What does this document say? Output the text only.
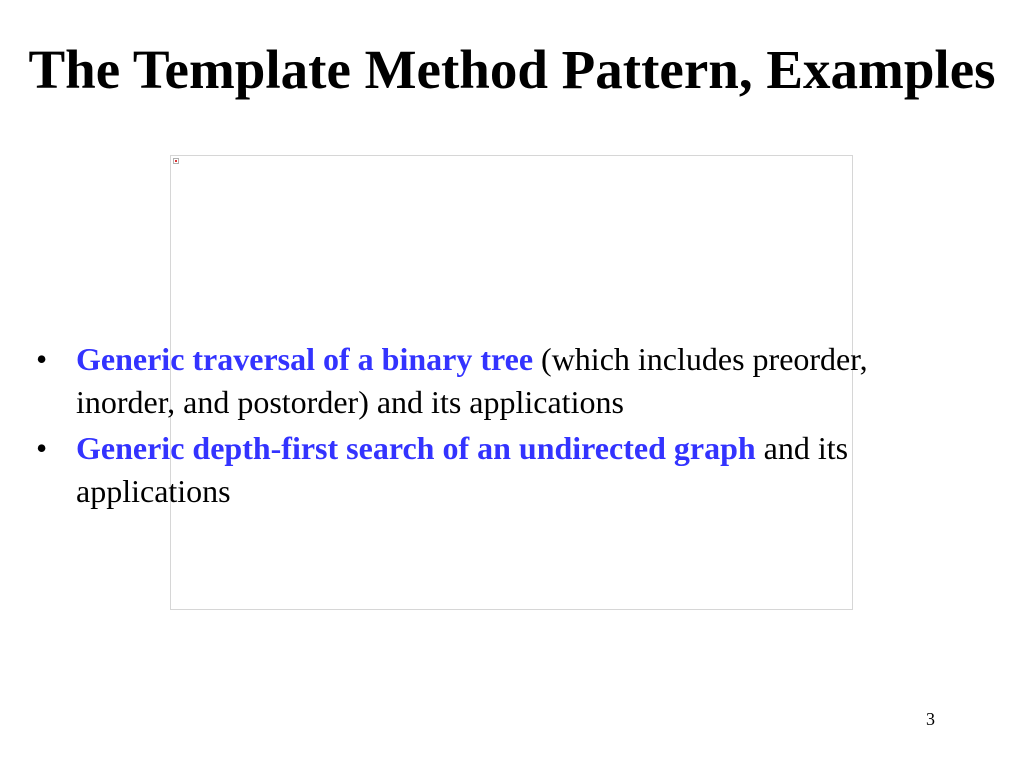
The Template Method Pattern, Examples
• Generic traversal of a binary tree (which includes preorder, inorder, and postorder) and its applications
• Generic depth-first search of an undirected graph and its applications
3
